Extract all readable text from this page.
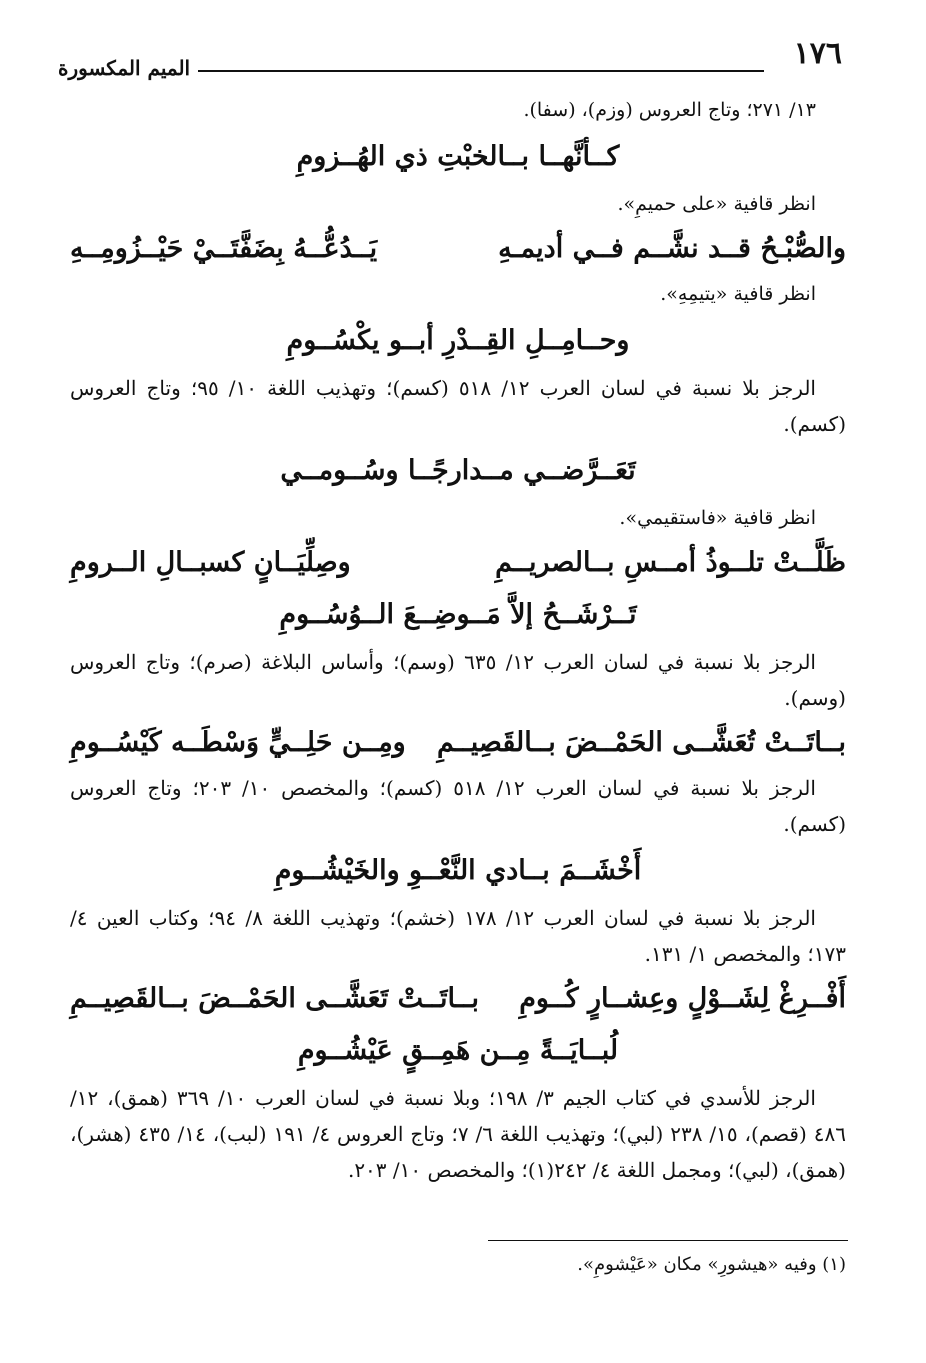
١٧٦
الميم المكسورة

١٣/ ٢٧١؛ وتاج العروس (وزم)، (سفا).

كــأنَّهــا بــالخبْتِ ذي الهُــزومِ

انظر قافية «على حميمِ».

والصُّبْـحُ قــد نشَّــم فــي أديمـهِ
يَــدُعُّــهُ بِضَفَّتَــيْ حَيْــزُومِــهِ

انظر قافية «يتيمِهِ».

وحــامِــلِ القِــدْرِ أبــو يكْسُــومِ

الرجز بلا نسبة في لسان العرب ١٢/ ٥١٨ (كسم)؛ وتهذيب اللغة ١٠/ ٩٥؛ وتاج العروس (كسم).

تَعَــرَّضــي مــدارجًــا وسُــومــي

انظر قافية «فاستقيمي».

ظَلَّــتْ تلــوذُ أمــسِ بــالصريــمِ
وصِلِّيَــانٍ كسبــالِ الــرومِ
تَــرْشَــحُ إلاَّ مَــوضِــعَ الــوُسُــومِ

الرجز بلا نسبة في لسان العرب ١٢/ ٦٣٥ (وسم)؛ وأساس البلاغة (صرم)؛ وتاج العروس (وسم).

بــاتَــتْ تُعَشَّــى الحَمْــضَ بــالقَصِيــمِ
ومِــن حَلِــيٍّ وَسْطَــه كَيْسُــومِ

الرجز بلا نسبة في لسان العرب ١٢/ ٥١٨ (كسم)؛ والمخصص ١٠/ ٢٠٣؛ وتاج العروس (كسم).

أَخْشَــمَ بــادي النَّعْــوِ والخَيْشُــومِ

الرجز بلا نسبة في لسان العرب ١٢/ ١٧٨ (خشم)؛ وتهذيب اللغة ٨/ ٩٤؛ وكتاب العين ٤/ ١٧٣؛ والمخصص ١/ ١٣١.

أَفْــرِغْ لِشَــوْلٍ وعِشــارٍ كُــومِ
بــاتَــتْ تَعَشَّــى الحَمْــضَ بــالقَصِيــمِ
لُبــايَــةً مِــن هَمِــقٍ عَيْشُــومِ

الرجز للأسدي في كتاب الجيم ٣/ ١٩٨؛ وبلا نسبة في لسان العرب ١٠/ ٣٦٩ (همق)، ١٢/ ٤٨٦ (قصم)، ١٥/ ٢٣٨ (لبي)؛ وتهذيب اللغة ٦/ ٧؛ وتاج العروس ٤/ ١٩١ (لبب)، ١٤/ ٤٣٥ (هشر)، (همق)، (لبي)؛ ومجمل اللغة ٤/ ٢٤٢(١)؛ والمخصص ١٠/ ٢٠٣.

(١) وفيه «هيشورِ» مكان «عَيْشومِ».
